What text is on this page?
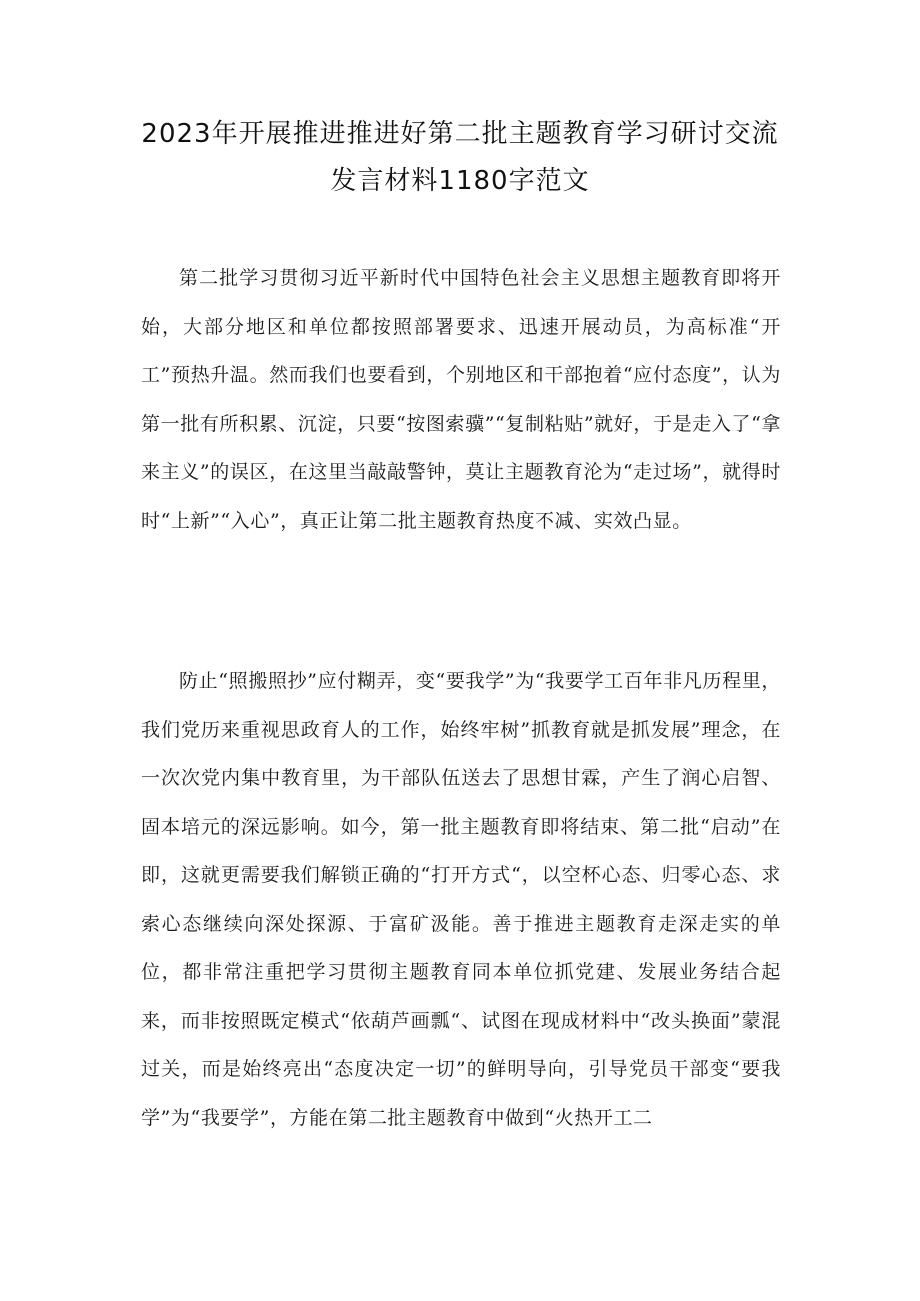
2023年开展推进推进好第二批主题教育学习研讨交流发言材料1180字范文

第二批学习贯彻习近平新时代中国特色社会主义思想主题教育即将开始，大部分地区和单位都按照部署要求、迅速开展动员，为高标准“开工”预热升温。然而我们也要看到，个别地区和干部抱着“应付态度”，认为第一批有所积累、沉淀，只要“按图索骥”“复制粘贴”就好，于是走入了“拿来主义”的误区，在这里当敲敲警钟，莫让主题教育沦为“走过场”，就得时时“上新”“入心”，真正让第二批主题教育热度不减、实效凸显。

防止“照搬照抄”应付糊弄，变“要我学”为“我要学工百年非凡历程里，我们党历来重视思政育人的工作，始终牢树”抓教育就是抓发展”理念，在一次次党内集中教育里，为干部队伍送去了思想甘霖，产生了润心启智、固本培元的深远影响。如今，第一批主题教育即将结束、第二批“启动”在即，这就更需要我们解锁正确的“打开方式“，以空杯心态、归零心态、求索心态继续向深处探源、于富矿汲能。善于推进主题教育走深走实的单位，都非常注重把学习贯彻主题教育同本单位抓党建、发展业务结合起来，而非按照既定模式“依葫芦画瓢“、试图在现成材料中“改头换面”蒙混过关，而是始终亮出“态度决定一切”的鲜明导向，引导党员干部变“要我学”为“我要学”，方能在第二批主题教育中做到“火热开工二
